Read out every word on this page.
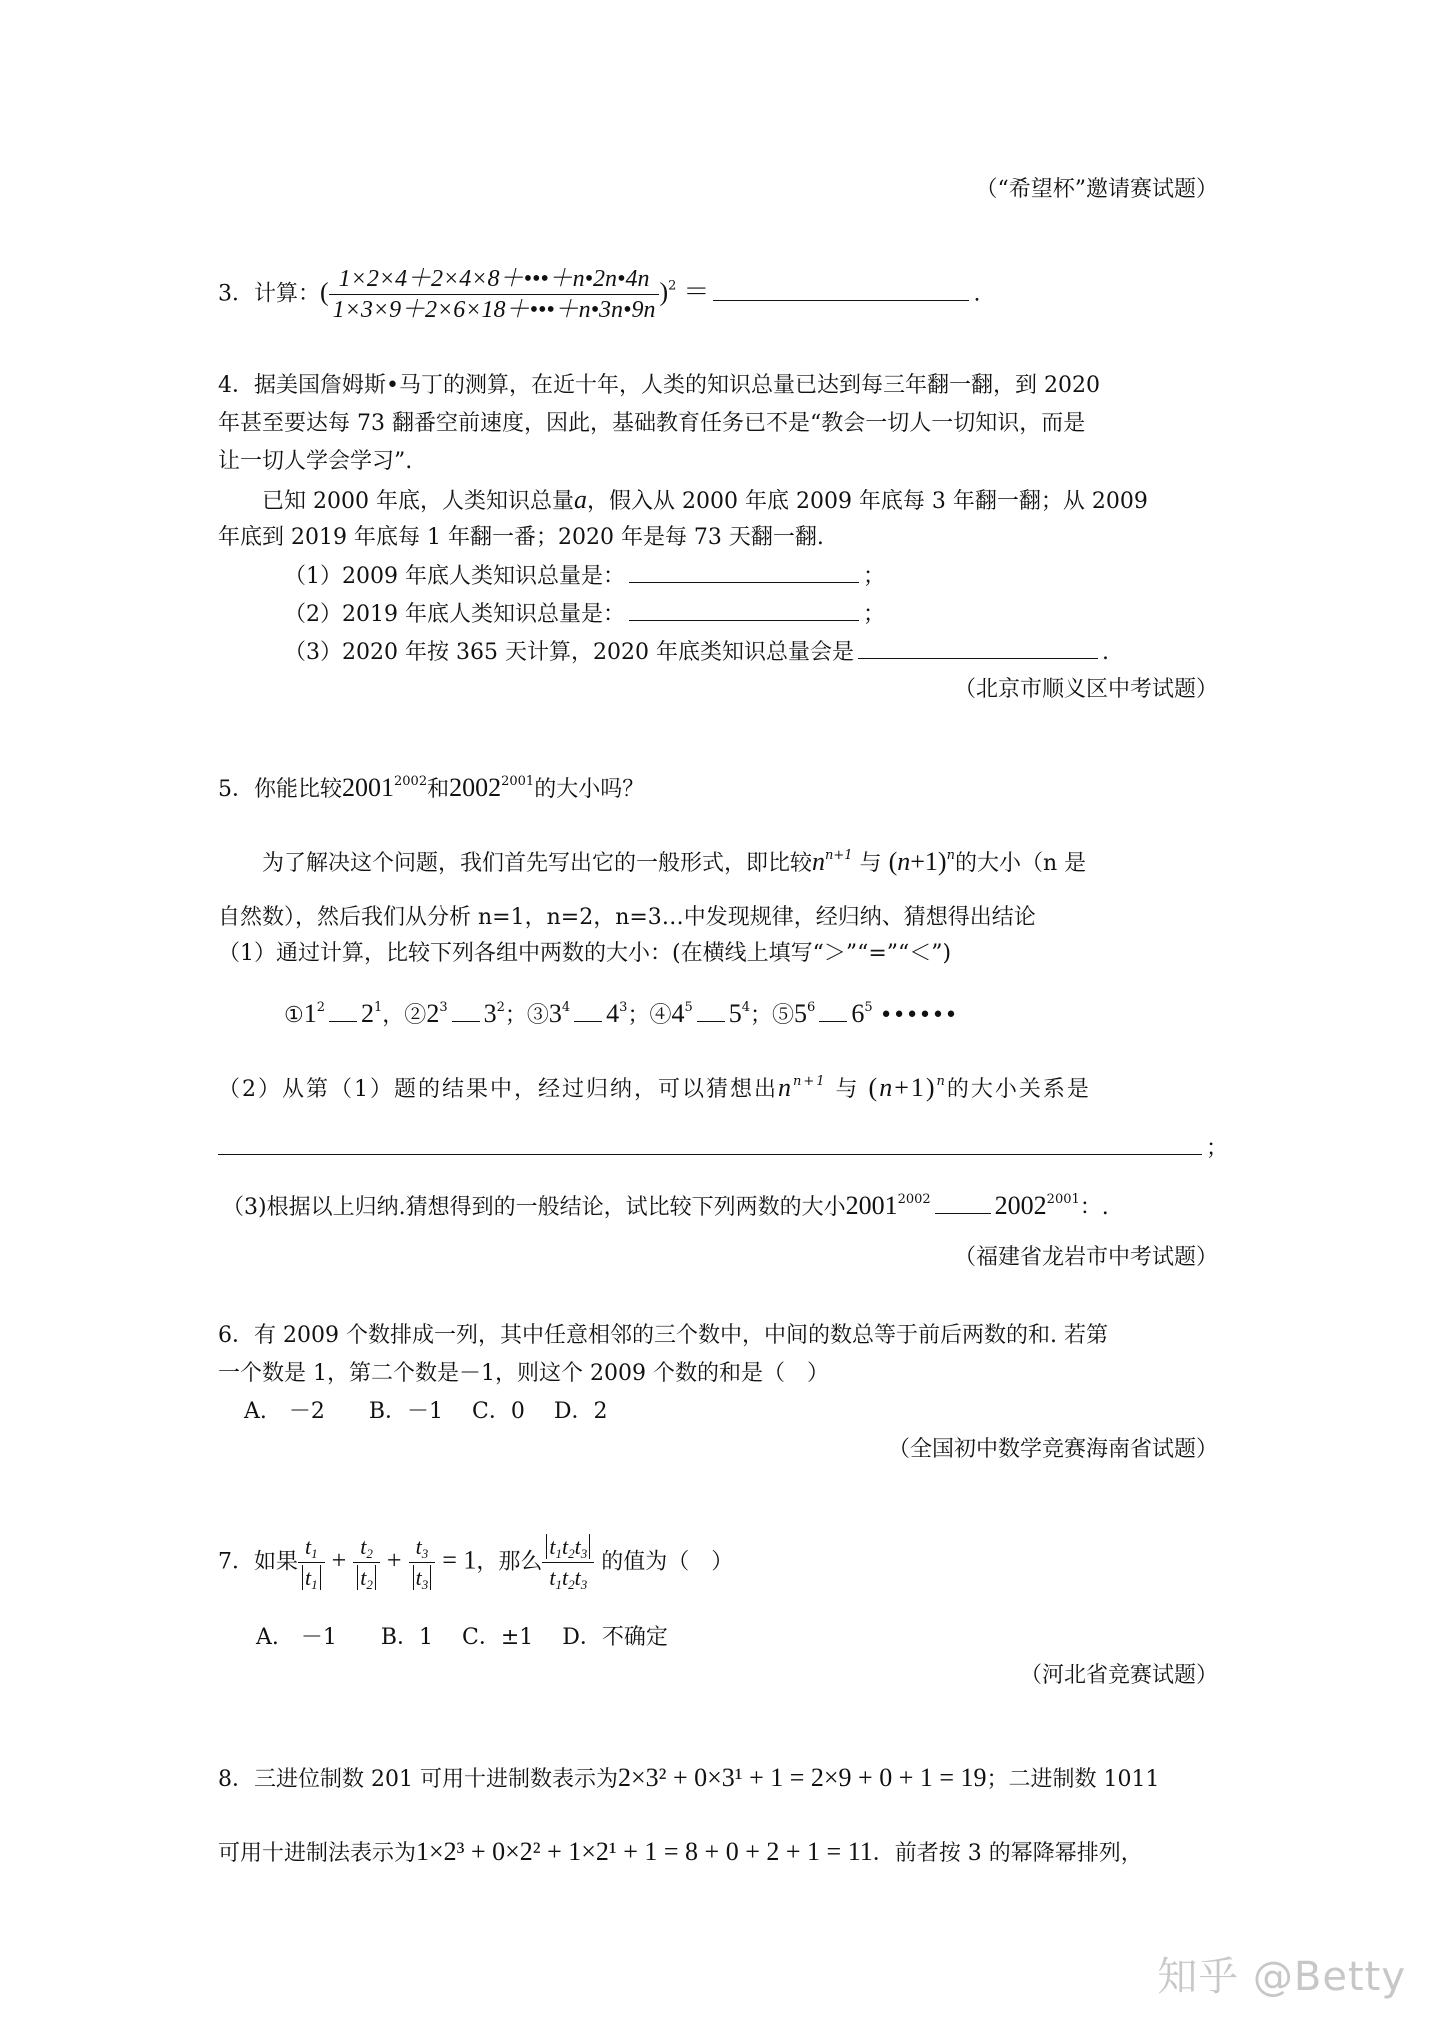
（“希望杯”邀请赛试题）
3．计算：( $\frac{1\times 2\times 4+2\times 4\times 8+•••+n•2n•4n}{1\times 3\times 9+2\times 6\times 18+•••+n•3n•9n} )^2$ ＝	.
4．据美国詹姆斯•马丁的测算，在近十年，人类的知识总量已达到每三年翻一翻，到 2020
年甚至要达每 73 翻番空前速度，因此，基础教育任务已不是“教会一切人一切知识，而是
让一切人学会学习”.
已知 2000 年底，人类知识总量a，假入从 2000 年底 2009 年底每 3 年翻一翻；从 2009
年底到 2019 年底每 1 年翻一番；2020 年是每 73 天翻一翻.
（1）2009 年底人类知识总量是：	；
（2）2019 年底人类知识总量是：	；
（3）2020 年按 365 天计算，2020 年底类知识总量会是	.
（北京市顺义区中考试题）
5．你能比较$2001^{2002}$和$2002^{2001}$的大小吗？
为了解决这个问题，我们首先写出它的一般形式，即比较$n^{n+1}$ 与 $(n+1)^n$的大小（n 是
自然数），然后我们从分析 n=1，n=2，n=3…中发现规律，经归纳、猜想得出结论
（1）通过计算，比较下列各组中两数的大小：(在横线上填写“＞”“=”“＜”)
$①1^2$ $2^1$，$②2^3$ $3^2$；$③3^4$ $4^3$；$④4^5$ $5^4$；$⑤5^6$ $6^5$ ••••••
（2）从第（1）题的结果中，经过归纳，可以猜想出$n^{n+1}$ 与 $(n+1)^n$的大小关系是
；
（3)根据以上归纳.猜想得到的一般结论，试比较下列两数的大小$2001^{2002}$ $2002^{2001}$：.
（福建省龙岩市中考试题）
6．有 2009 个数排成一列，其中任意相邻的三个数中，中间的数总等于前后两数的和. 若第
一个数是 1，第二个数是－1，则这个 2009 个数的和是（　）
A.　－2　　B．－1　 C．0　 D．2
（全国初中数学竞赛海南省试题）
7．如果 $\frac{t_1}{t_1} + \frac{t_2}{t_2} + \frac{t_3}{t_3} = 1$，那么 $\frac{t_1t_2t_3}{t_1t_2t_3}$ 的值为（　）
A.　－1　　B．1　 C．±1　 D．不确定
（河北省竞赛试题）
8．三进位制数 201 可用十进制数表示为2×3² + 0×3¹ + 1 = 2×9 + 0 + 1 = 19；二进制数 1011
可用十进制法表示为1×2³ + 0×2² + 1×2¹ + 1 = 8 + 0 + 2 + 1 = 11．前者按 3 的幂降幂排列，
知乎 @Betty
